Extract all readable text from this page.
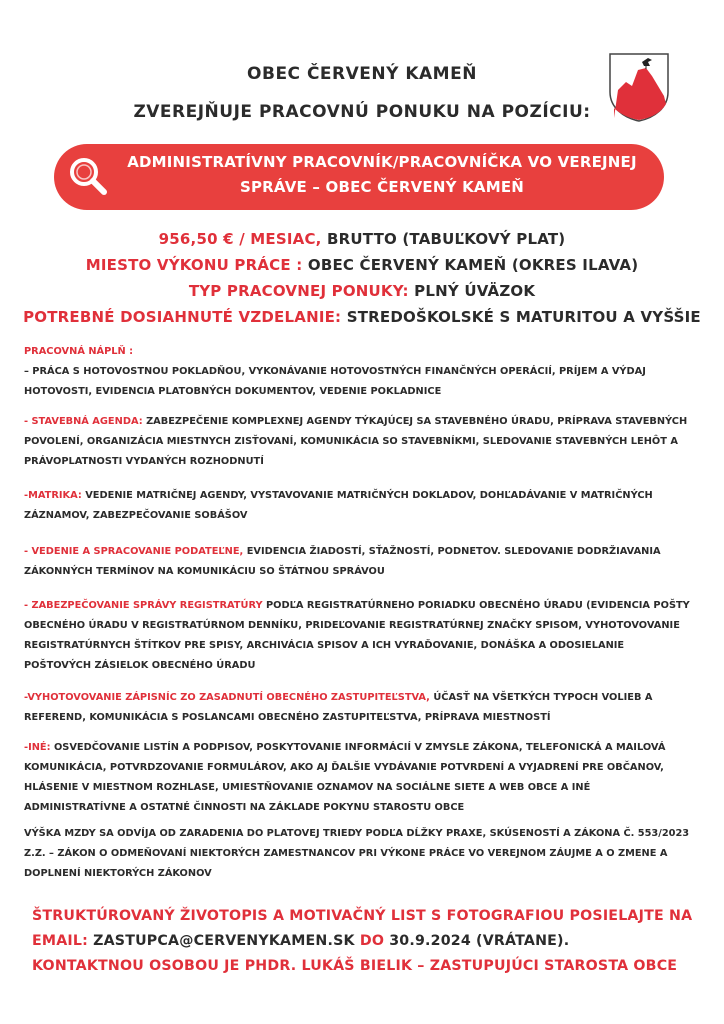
OBEC ČERVENÝ KAMEŇ
ZVEREJŇUJE PRACOVNÚ PONUKU NA POZÍCIU:
ADMINISTRATÍVNY PRACOVNÍK/PRACOVNÍČKA VO VEREJNEJ SPRÁVE – OBEC ČERVENÝ KAMEŇ
956,50 € / MESIAC, BRUTTO (TABUĽKOVÝ PLAT)
MIESTO VÝKONU PRÁCE : OBEC ČERVENÝ KAMEŇ (OKRES ILAVA)
TYP PRACOVNEJ PONUKY: PLNÝ ÚVÄZOK
POTREBNÉ DOSIAHNUTÉ VZDELANIE: STREDOŠKOLSKÉ S MATURITOU A VYŠŠIE
PRACOVNÁ NÁPLŇ :
– PRÁCA S HOTOVOSTNOU POKLADŇOU, VYKONÁVANIE HOTOVOSTNÝCH FINANČNÝCH OPERÁCIÍ, PRÍJEM A VÝDAJ HOTOVOSTI, EVIDENCIA PLATOBNÝCH DOKUMENTOV, VEDENIE POKLADNICE
- STAVEBNÁ AGENDA: ZABEZPEČENIE KOMPLEXNEJ AGENDY TÝKAJÚCEJ SA STAVEBNÉHO ÚRADU, PRÍPRAVA STAVEBNÝCH POVOLENÍ, ORGANIZÁCIA MIESTNYCH ZISŤOVANÍ, KOMUNIKÁCIA SO STAVEBNÍKMI, SLEDOVANIE STAVEBNÝCH LEHÔT A PRÁVOPLATNOSTI VYDANÝCH ROZHODNUTÍ
-MATRIKA: VEDENIE MATRIČNEJ AGENDY, VYSTAVOVANIE MATRIČNÝCH DOKLADOV, DOHĽADÁVANIE V MATRIČNÝCH ZÁZNAMOV, ZABEZPEČOVANIE SOBÁŠOV
- VEDENIE A SPRACOVANIE PODATEĽNE, EVIDENCIA ŽIADOSTÍ, SŤAŽNOSTÍ, PODNETOV. SLEDOVANIE DODRŽIAVANIA ZÁKONNÝCH TERMÍNOV NA KOMUNIKÁCIU SO ŠTÁTNOU SPRÁVOU
- ZABEZPEČOVANIE SPRÁVY REGISTRATÚRY PODĽA REGISTRATÚRNEHO PORIADKU OBECNÉHO ÚRADU (EVIDENCIA POŠTY OBECNÉHO ÚRADU V REGISTRATÚRNOM DENNÍKU, PRIDEĽOVANIE REGISTRATÚRNEJ ZNAČKY SPISOM, VYHOTOVOVANIE REGISTRATÚRNYCH ŠTÍTKOV PRE SPISY, ARCHIVÁCIA SPISOV A ICH VYRAĎOVANIE, DONÁŠKA A ODOSIELANIE POŠTOVÝCH ZÁSIELOK OBECNÉHO ÚRADU
-VYHOTOVOVANIE ZÁPISNÍC ZO ZASADNUTÍ OBECNÉHO ZASTUPITEĽSTVA, ÚČASŤ NA VŠETKÝCH TYPOCH VOLIEB A REFEREND, KOMUNIKÁCIA S POSLANCAMI OBECNÉHO ZASTUPITEĽSTVA, PRÍPRAVA MIESTNOSTÍ
-INÉ: OSVEDČOVANIE LISTÍN A PODPISOV, POSKYTOVANIE INFORMÁCIÍ V ZMYSLE ZÁKONA, TELEFONICKÁ A MAILOVÁ KOMUNIKÁCIA, POTVRDZOVANIE FORMULÁROV, AKO AJ ĎALŠIE VYDÁVANIE POTVRDENÍ A VYJADRENÍ PRE OBČANOV, HLÁSENIE V MIESTNOM ROZHLASE, UMIESTŇOVANIE OZNAMOV NA SOCIÁLNE SIETE A WEB OBCE A INÉ ADMINISTRATÍVNE A OSTATNÉ ČINNOSTI NA ZÁKLADE POKYNU STAROSTU OBCE
VÝŠKA MZDY SA ODVÍJA OD ZARADENIA DO PLATOVEJ TRIEDY PODĽA DĹŽKY PRAXE, SKÚSENOSTÍ A ZÁKONA Č. 553/2023 Z.Z. – ZÁKON O ODMEŇOVANÍ NIEKTORÝCH ZAMESTNANCOV PRI VÝKONE PRÁCE VO VEREJNOM ZÁUJME A O ZMENE A DOPLNENÍ NIEKTORÝCH ZÁKONOV
ŠTRUKTÚROVANÝ ŽIVOTOPIS A MOTIVAČNÝ LIST S FOTOGRAFIOU POSIELAJTE NA
EMAIL: ZASTUPCA@CERVENYKAMEN.SK DO 30.9.2024 (VRÁTANE).
KONTAKTNOU OSOBOU JE PHDR. LUKÁŠ BIELIK – ZASTUPUJÚCI STAROSTA OBCE
